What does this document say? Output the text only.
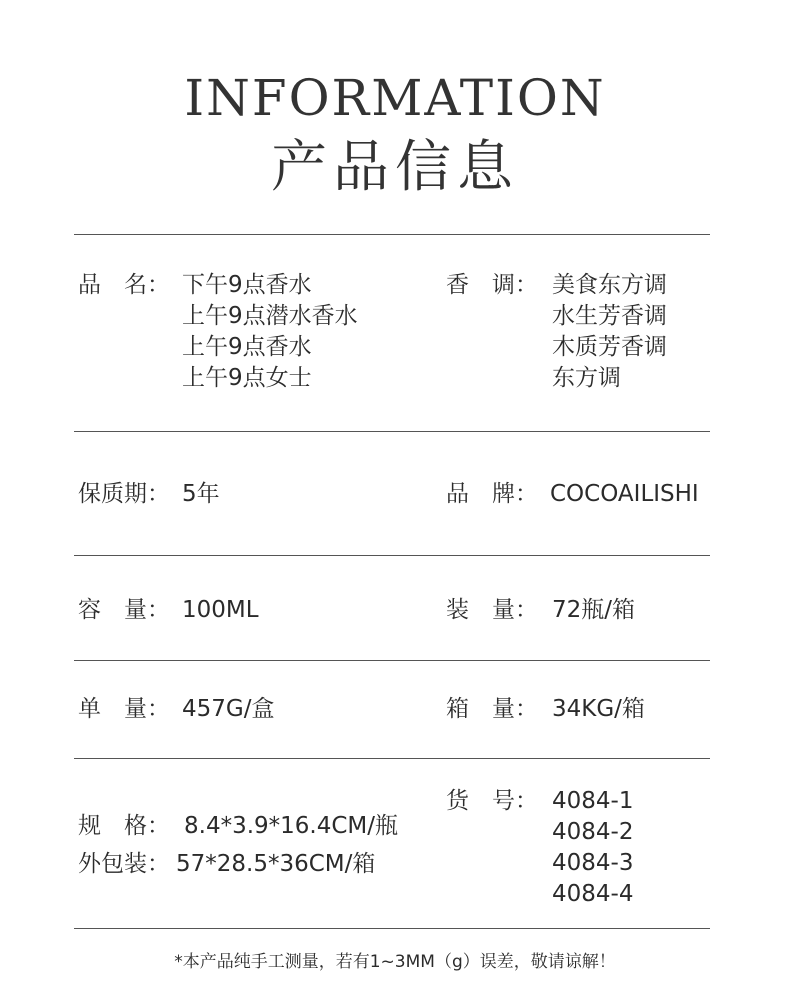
INFORMATION
产品信息
品　名： 下午9点香水
上午9点潜水香水
上午9点香水
上午9点女士
香　调： 美食东方调
水生芳香调
木质芳香调
东方调
保质期： 5年	品　牌： COCOAILISHI
容　量： 100ML	装　量： 72瓶/箱
单　量： 457G/盒	箱　量： 34KG/箱
规　格： 8.4*3.9*16.4CM/瓶
外包装： 57*28.5*36CM/箱
货　号： 4084-1
4084-2
4084-3
4084-4
*本产品纯手工测量，若有1~3MM（g）误差，敬请谅解！
